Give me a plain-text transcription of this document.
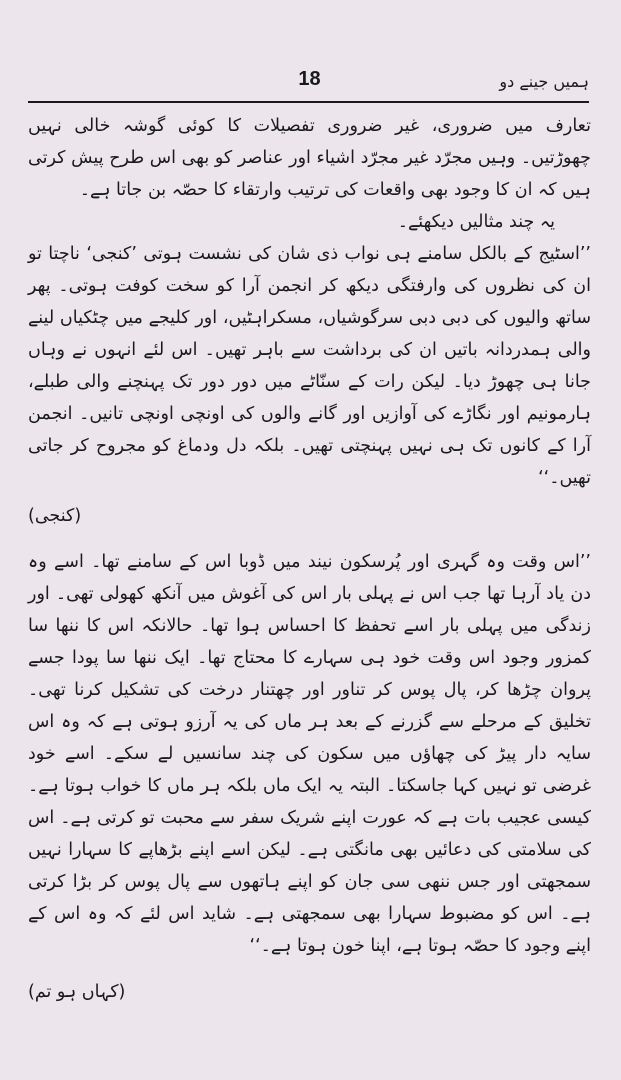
18	ہمیں جینے دو

تعارف میں ضروری، غیر ضروری تفصیلات کا کوئی گوشہ خالی نہیں چھوڑتیں۔ وہیں مجرّد غیر مجرّد اشیاء اور عناصر کو بھی اس طرح پیش کرتی ہیں کہ ان کا وجود بھی واقعات کی ترتیب وارتقاء کا حصّہ بن جاتا ہے۔

یہ چند مثالیں دیکھئے۔

’’اسٹیج کے بالکل سامنے ہی نواب ذی شان کی نشست ہوتی ’کنجی‘ ناچتا تو ان کی نظروں کی وارفتگی دیکھ کر انجمن آرا کو سخت کوفت ہوتی۔ پھر ساتھ والیوں کی دبی دبی سرگوشیاں، مسکراہٹیں، اور کلیجے میں چٹکیاں لینے والی ہمدردانہ باتیں ان کی برداشت سے باہر تھیں۔ اس لئے انہوں نے وہاں جانا ہی چھوڑ دیا۔ لیکن رات کے سنّاٹے میں دور دور تک پہنچنے والی طبلے، ہارمونیم اور نگاڑے کی آوازیں اور گانے والوں کی اونچی اونچی تانیں۔ انجمن آرا کے کانوں تک ہی نہیں پہنچتی تھیں۔ بلکہ دل ودماغ کو مجروح کر جاتی تھیں۔‘‘

(کنجی)

’’اس وقت وہ گہری اور پُرسکون نیند میں ڈوبا اس کے سامنے تھا۔ اسے وہ دن یاد آرہا تھا جب اس نے پہلی بار اس کی آغوش میں آنکھ کھولی تھی۔ اور زندگی میں پہلی بار اسے تحفظ کا احساس ہوا تھا۔ حالانکہ اس کا ننھا سا کمزور وجود اس وقت خود ہی سہارے کا محتاج تھا۔ ایک ننھا سا پودا جسے پروان چڑھا کر، پال پوس کر تناور اور چھتنار درخت کی تشکیل کرنا تھی۔ تخلیق کے مرحلے سے گزرنے کے بعد ہر ماں کی یہ آرزو ہوتی ہے کہ وہ اس سایہ دار پیڑ کی چھاؤں میں سکون کی چند سانسیں لے سکے۔ اسے خود غرضی تو نہیں کہا جاسکتا۔ البتہ یہ ایک ماں بلکہ ہر ماں کا خواب ہوتا ہے۔ کیسی عجیب بات ہے کہ عورت اپنے شریک سفر سے محبت تو کرتی ہے۔ اس کی سلامتی کی دعائیں بھی مانگتی ہے۔ لیکن اسے اپنے بڑھاپے کا سہارا نہیں سمجھتی اور جس ننھی سی جان کو اپنے ہاتھوں سے پال پوس کر بڑا کرتی ہے۔ اس کو مضبوط سہارا بھی سمجھتی ہے۔ شاید اس لئے کہ وہ اس کے اپنے وجود کا حصّہ ہوتا ہے، اپنا خون ہوتا ہے۔‘‘

(کہاں ہو تم)
